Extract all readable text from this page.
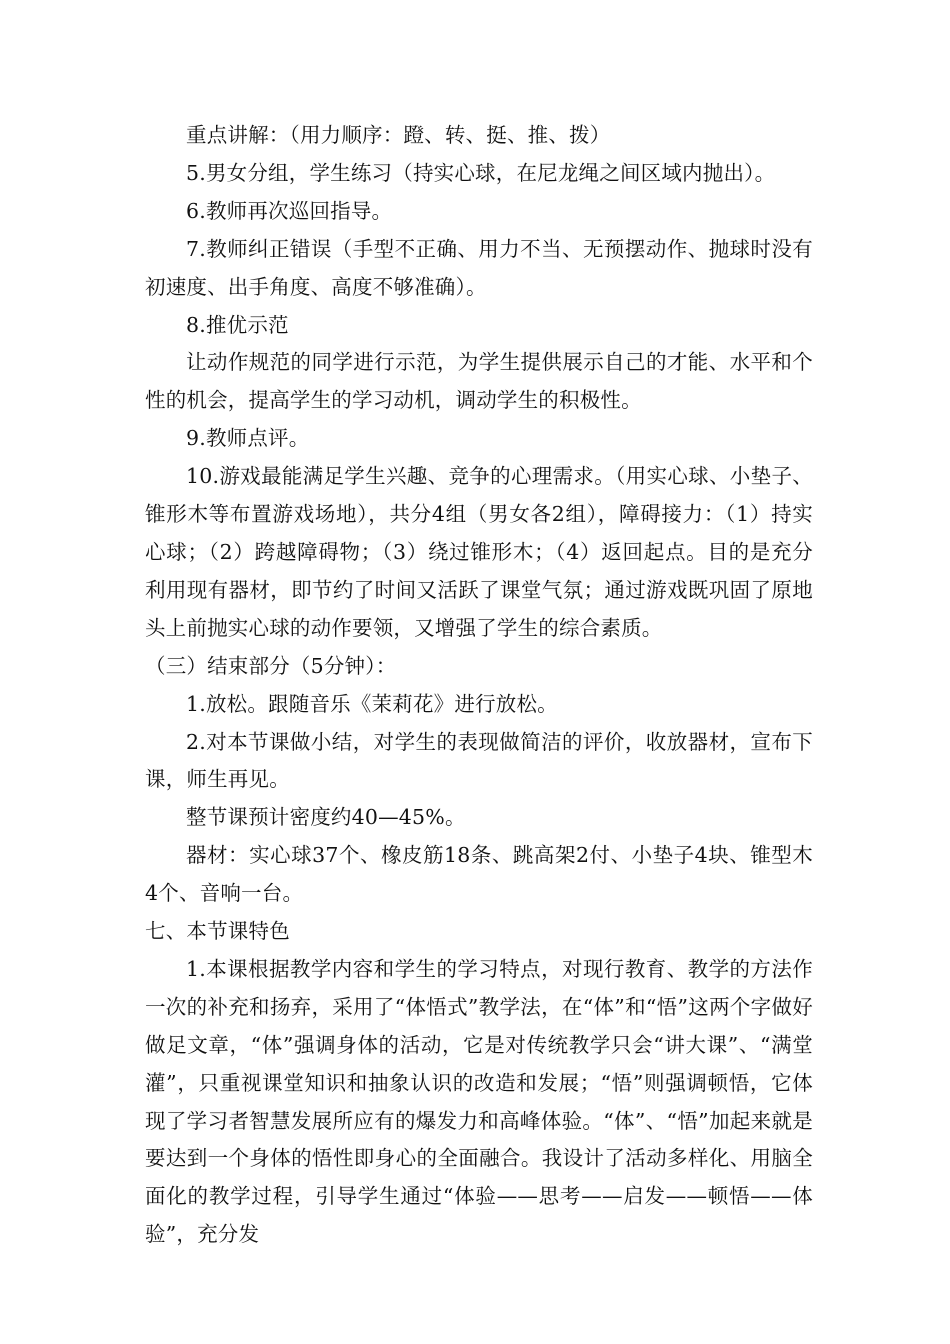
重点讲解：（用力顺序：蹬、转、挺、推、拨）

5.男女分组，学生练习（持实心球，在尼龙绳之间区域内抛出）。

6.教师再次巡回指导。

7.教师纠正错误（手型不正确、用力不当、无预摆动作、抛球时没有初速度、出手角度、高度不够准确）。

8.推优示范

让动作规范的同学进行示范，为学生提供展示自己的才能、水平和个性的机会，提高学生的学习动机，调动学生的积极性。

9.教师点评。

10.游戏最能满足学生兴趣、竞争的心理需求。（用实心球、小垫子、锥形木等布置游戏场地），共分4组（男女各2组），障碍接力：（1）持实心球；（2）跨越障碍物；（3）绕过锥形木；（4）返回起点。目的是充分利用现有器材，即节约了时间又活跃了课堂气氛；通过游戏既巩固了原地头上前抛实心球的动作要领，又增强了学生的综合素质。

（三）结束部分（5分钟）：

1.放松。跟随音乐《茉莉花》进行放松。

2.对本节课做小结，对学生的表现做简洁的评价，收放器材，宣布下课，师生再见。

整节课预计密度约40—45%。

器材：实心球37个、橡皮筋18条、跳高架2付、小垫子4块、锥型木4个、音响一台。

七、本节课特色

1.本课根据教学内容和学生的学习特点，对现行教育、教学的方法作一次的补充和扬弃，采用了“体悟式”教学法，在“体”和“悟”这两个字做好做足文章，“体”强调身体的活动，它是对传统教学只会“讲大课”、“满堂灌”，只重视课堂知识和抽象认识的改造和发展；“悟”则强调顿悟，它体现了学习者智慧发展所应有的爆发力和高峰体验。“体”、“悟”加起来就是要达到一个身体的悟性即身心的全面融合。我设计了活动多样化、用脑全面化的教学过程，引导学生通过“体验——思考——启发——顿悟——体验”，充分发
